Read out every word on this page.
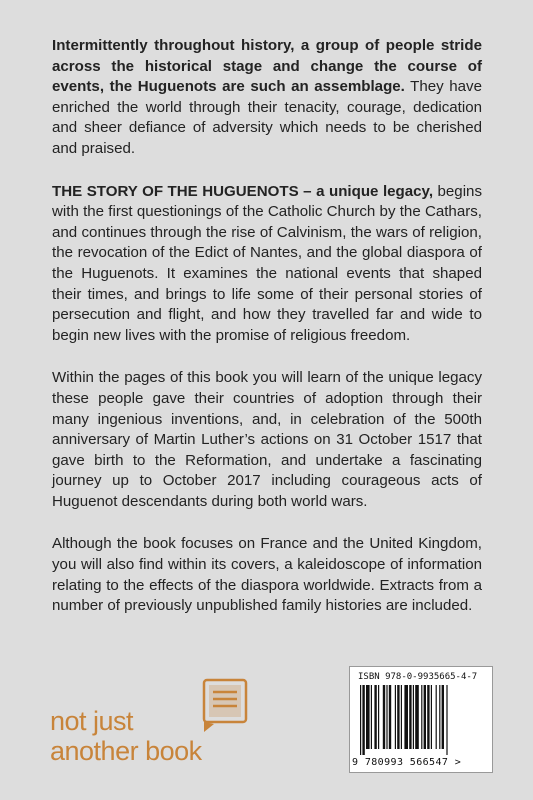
Intermittently throughout history, a group of people stride across the historical stage and change the course of events, the Huguenots are such an assemblage. They have enriched the world through their tenacity, courage, dedication and sheer defiance of adversity which needs to be cherished and praised.

THE STORY OF THE HUGUENOTS – a unique legacy, begins with the first questionings of the Catholic Church by the Cathars, and continues through the rise of Calvinism, the wars of religion, the revocation of the Edict of Nantes, and the global diaspora of the Huguenots. It examines the national events that shaped their times, and brings to life some of their personal stories of persecution and flight, and how they travelled far and wide to begin new lives with the promise of religious freedom.

Within the pages of this book you will learn of the unique legacy these people gave their countries of adoption through their many ingenious inventions, and, in celebration of the 500th anniversary of Martin Luther’s actions on 31 October 1517 that gave birth to the Reformation, and undertake a fascinating journey up to October 2017 including courageous acts of Huguenot descendants during both world wars.

Although the book focuses on France and the United Kingdom, you will also find within its covers, a kaleidoscope of information relating to the effects of the diaspora worldwide. Extracts from a number of previously unpublished family histories are included.

not just
another book
ISBN 978-0-9935665-4-7
9 780993 566547 >
